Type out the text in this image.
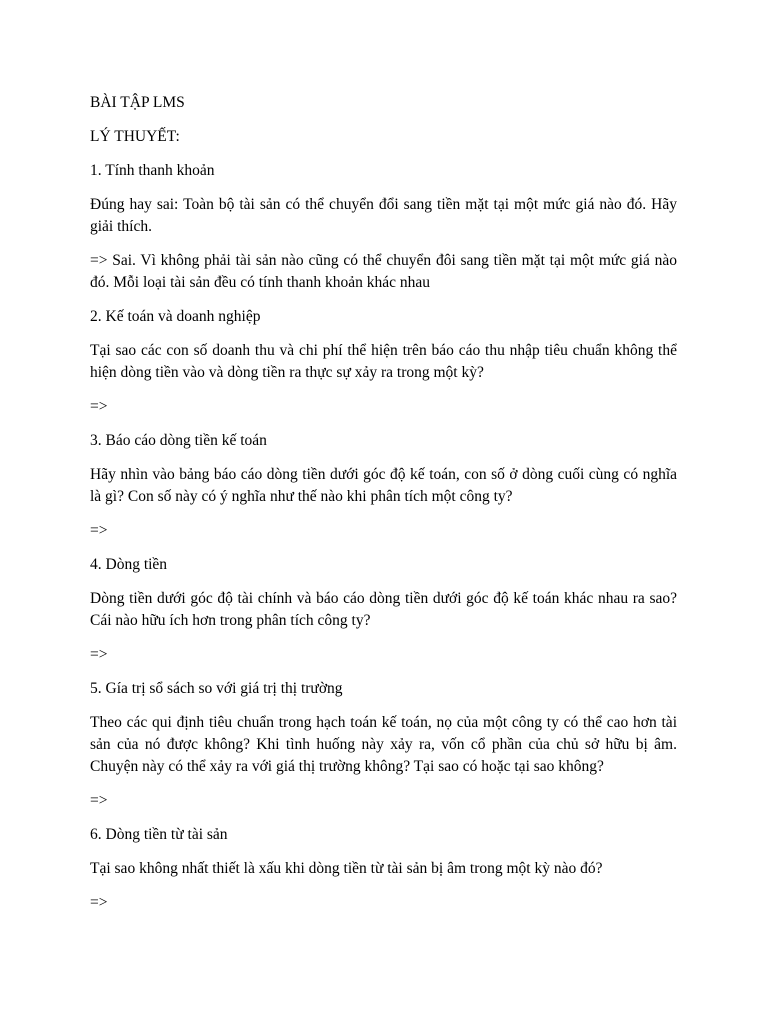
BÀI TẬP LMS

LÝ THUYẾT:

1. Tính thanh khoản

Đúng hay sai: Toàn bộ tài sản có thể chuyển đổi sang tiền mặt tại một mức giá nào đó. Hãy giải thích.

=> Sai. Vì không phải tài sản nào cũng có thể chuyển đôi sang tiền mặt tại một mức giá nào đó. Mỗi loại tài sản đều có tính thanh khoản khác nhau

2. Kế toán và doanh nghiệp

Tại sao các con số doanh thu và chi phí thể hiện trên báo cáo thu nhập tiêu chuẩn không thể hiện dòng tiền vào và dòng tiền ra thực sự xảy ra trong một kỳ?

=>

3. Báo cáo dòng tiền kế toán

Hãy nhìn vào bảng báo cáo dòng tiền dưới góc độ kế toán, con số ở dòng cuối cùng có nghĩa là gì? Con số này có ý nghĩa như thế nào khi phân tích một công ty?

=>

4. Dòng tiền

Dòng tiền dưới góc độ tài chính và báo cáo dòng tiền dưới góc độ kế toán khác nhau ra sao? Cái nào hữu ích hơn trong phân tích công ty?

=>

5. Gía trị sổ sách so với giá trị thị trường

Theo các qui định tiêu chuẩn trong hạch toán kế toán, nọ của một công ty có thể cao hơn tài sản của nó được không? Khi tình huống này xảy ra, vốn cổ phần của chủ sở hữu bị âm. Chuyện này có thể xảy ra với giá thị trường không? Tại sao có hoặc tại sao không?

=>

6. Dòng tiền từ tài sản

Tại sao không nhất thiết là xấu khi dòng tiền từ tài sản bị âm trong một kỳ nào đó?

=>
